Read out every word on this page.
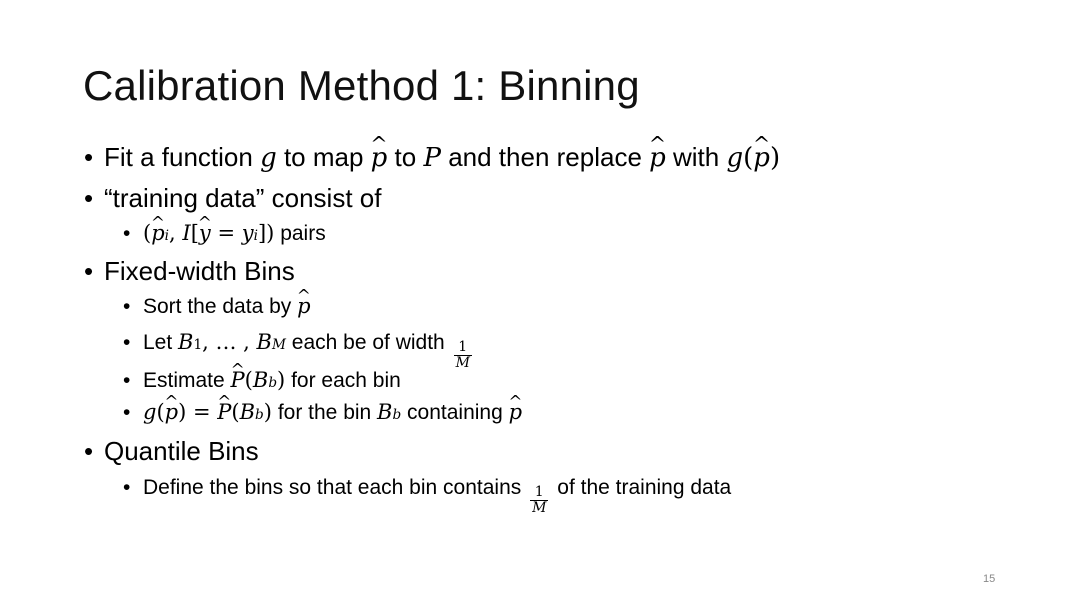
Calibration Method 1: Binning
• Fit a function g to map p ^ to P and then replace p ^ with g ( p ^ )
• “training data” consist of
• ( p ^ i , I [ y ^ = y i ]) pairs
• Fixed-width Bins
• Sort the data by p ^
• Let B 1 , … , B M each be of width $\frac{1}{M}$
• Estimate P ^ ( B b ) for each bin
• g ( p ^ ) = P ^ ( B b ) for the bin B b containing p ^
• Quantile Bins
• Define the bins so that each bin contains $\frac{1}{M}$ of the training data
15
